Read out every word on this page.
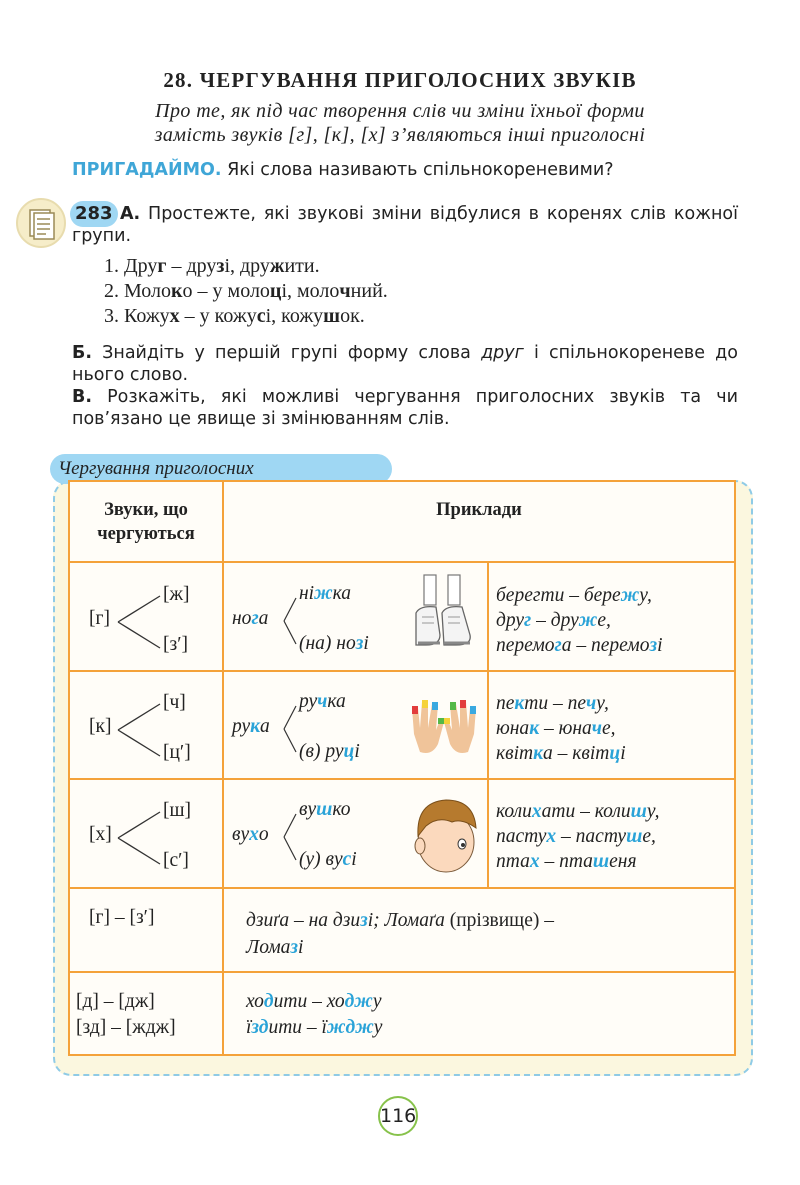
28. ЧЕРГУВАННЯ ПРИГОЛОСНИХ ЗВУКІВ
Про те, як під час творення слів чи зміни їхньої форми
замість звуків [г], [к], [х] з’являються інші приголосні
ПРИГАДАЙМО. Які слова називають спільнокореневими?
283 А. Простежте, які звукові зміни відбулися в коренях слів кожної групи.
1. Друг – друзі, дружити.
2. Молоко – у молоці, молочний.
3. Кожух – у кожусі, кожушок.
Б. Знайдіть у першій групі форму слова друг і спільнокореневе до нього слово.
В. Розкажіть, які можливі чергування приголосних звуків та чи пов’язано це явище зі змінюванням слів.
Чергування приголосних
Звуки, що
чергуються
Приклади
[г]
[ж]
[з′]
нога
ніжка
(на) нозі
берегти – бережу,
друг – друже,
перемога – перемозі
[к]
[ч]
[ц′]
рука
ручка
(в) руці
пекти – печу,
юнак – юначе,
квітка – квітці
[х]
[ш]
[с′]
вухо
вушко
(у) вусі
колихати – колишу,
пастух – пастуше,
птах – пташеня
[г] – [з′]	дзиґа – на дзизі; Ломаґа (прізвище) –
Ломазі
[д] – [дж]
[зд] – [ждж]
ходити – ходжу
їздити – їжджу
116
